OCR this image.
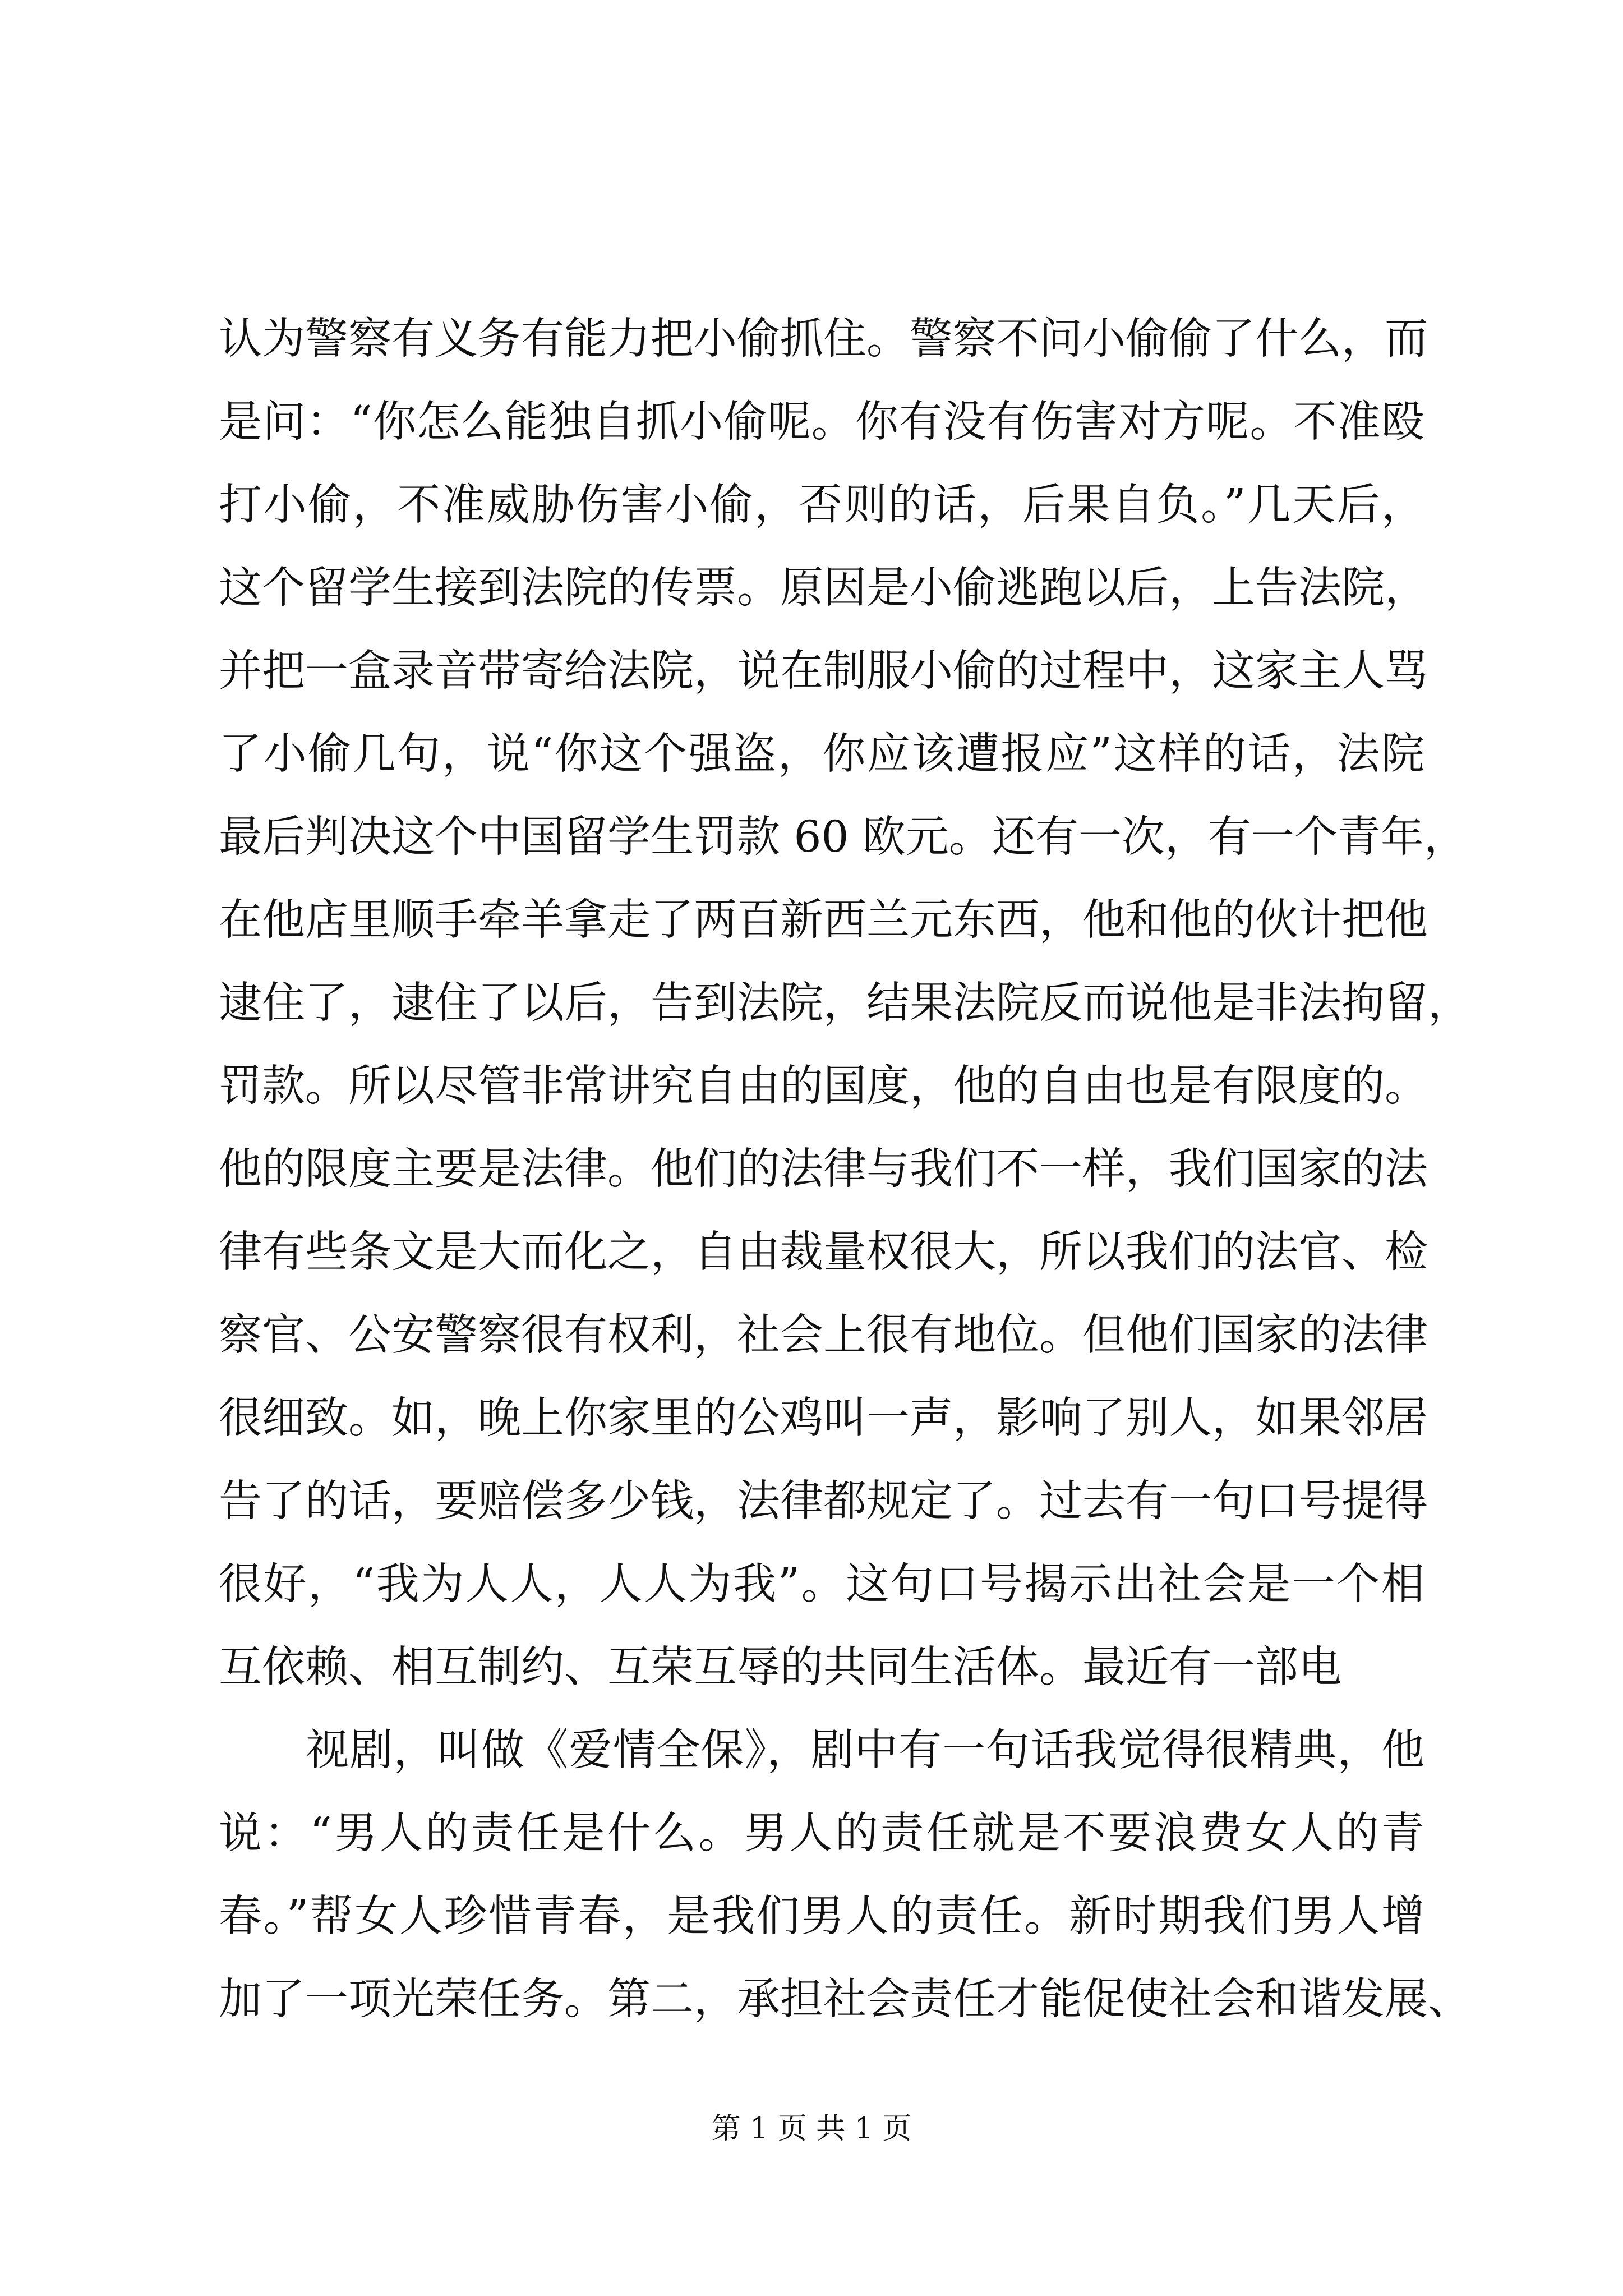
认为警察有义务有能力把小偷抓住。警察不问小偷偷了什么，而
是问：“你怎么能独自抓小偷呢。你有没有伤害对方呢。不准殴
打小偷，不准威胁伤害小偷，否则的话，后果自负。”几天后，
这个留学生接到法院的传票。原因是小偷逃跑以后，上告法院，
并把一盒录音带寄给法院，说在制服小偷的过程中，这家主人骂
了小偷几句，说“你这个强盗，你应该遭报应”这样的话，法院
最后判决这个中国留学生罚款 60 欧元。还有一次，有一个青年，
在他店里顺手牵羊拿走了两百新西兰元东西，他和他的伙计把他
逮住了，逮住了以后，告到法院，结果法院反而说他是非法拘留，
罚款。所以尽管非常讲究自由的国度，他的自由也是有限度的。
他的限度主要是法律。他们的法律与我们不一样，我们国家的法
律有些条文是大而化之，自由裁量权很大，所以我们的法官、检
察官、公安警察很有权利，社会上很有地位。但他们国家的法律
很细致。如，晚上你家里的公鸡叫一声，影响了别人，如果邻居
告了的话，要赔偿多少钱，法律都规定了。过去有一句口号提得
很好，“我为人人，人人为我”。这句口号揭示出社会是一个相
互依赖、相互制约、互荣互辱的共同生活体。最近有一部电
视剧，叫做《爱情全保》，剧中有一句话我觉得很精典，他
说：“男人的责任是什么。男人的责任就是不要浪费女人的青
春。”帮女人珍惜青春，是我们男人的责任。新时期我们男人增
加了一项光荣任务。第二，承担社会责任才能促使社会和谐发展、
第 1 页 共 1 页
